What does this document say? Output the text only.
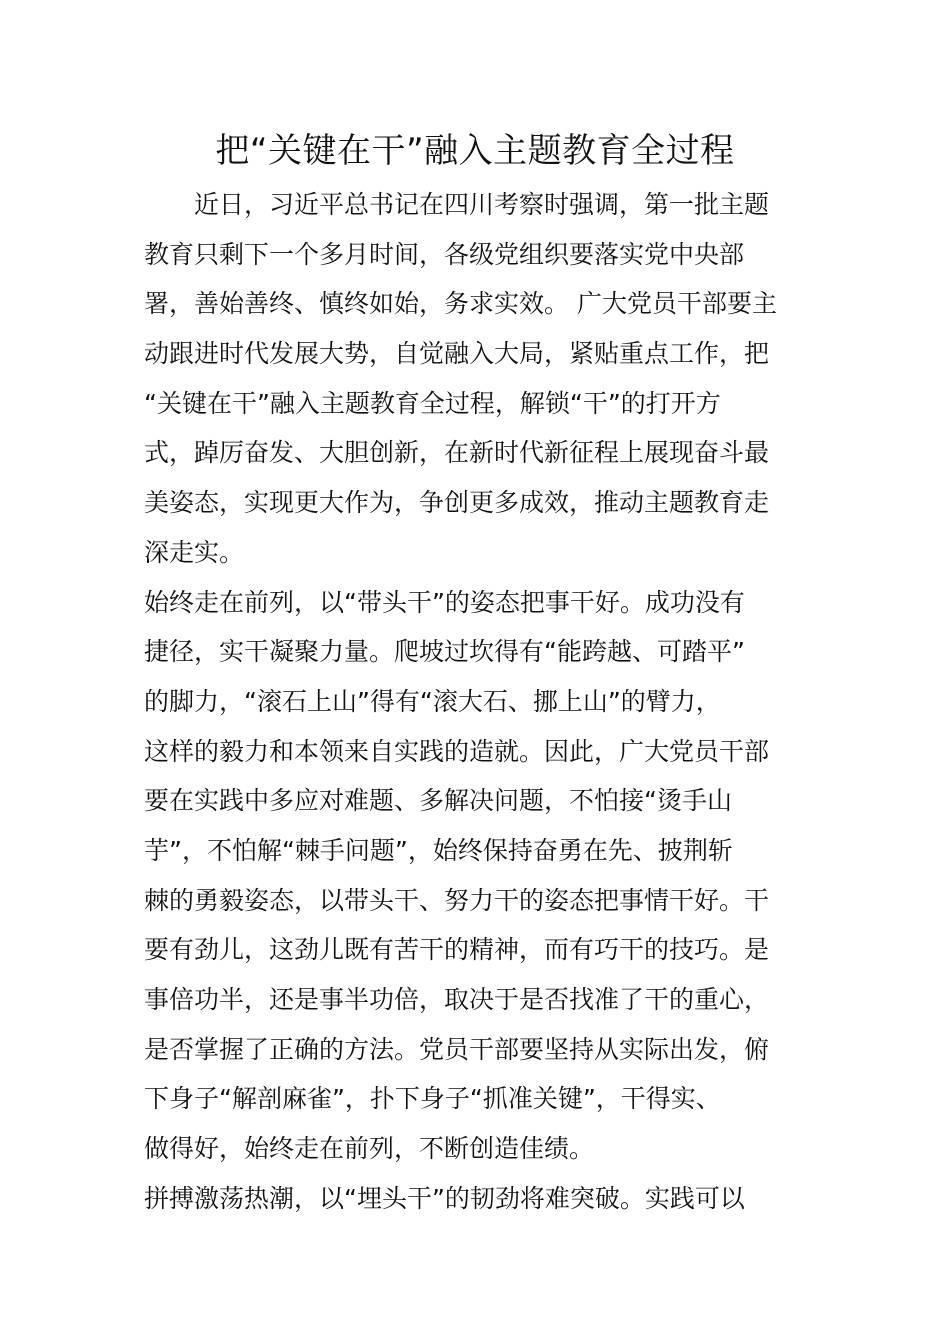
把“关键在干”融入主题教育全过程
　　近日，习近平总书记在四川考察时强调，第一批主题
教育只剩下一个多月时间，各级党组织要落实党中央部
署，善始善终、慎终如始，务求实效。 广大党员干部要主
动跟进时代发展大势，自觉融入大局，紧贴重点工作，把
“关键在干”融入主题教育全过程，解锁“干”的打开方
式，踔厉奋发、大胆创新，在新时代新征程上展现奋斗最
美姿态，实现更大作为，争创更多成效，推动主题教育走
深走实。
始终走在前列，以“带头干”的姿态把事干好。成功没有
捷径，实干凝聚力量。爬坡过坎得有“能跨越、可踏平”
的脚力，“滚石上山”得有“滚大石、挪上山”的臂力，
这样的毅力和本领来自实践的造就。因此，广大党员干部
要在实践中多应对难题、多解决问题，不怕接“烫手山
芋”，不怕解“棘手问题”，始终保持奋勇在先、披荆斩
棘的勇毅姿态，以带头干、努力干的姿态把事情干好。干
要有劲儿，这劲儿既有苦干的精神，而有巧干的技巧。是
事倍功半，还是事半功倍，取决于是否找准了干的重心，
是否掌握了正确的方法。党员干部要坚持从实际出发，俯
下身子“解剖麻雀”，扑下身子“抓准关键”，干得实、
做得好，始终走在前列，不断创造佳绩。
拼搏激荡热潮，以“埋头干”的韧劲将难突破。实践可以
